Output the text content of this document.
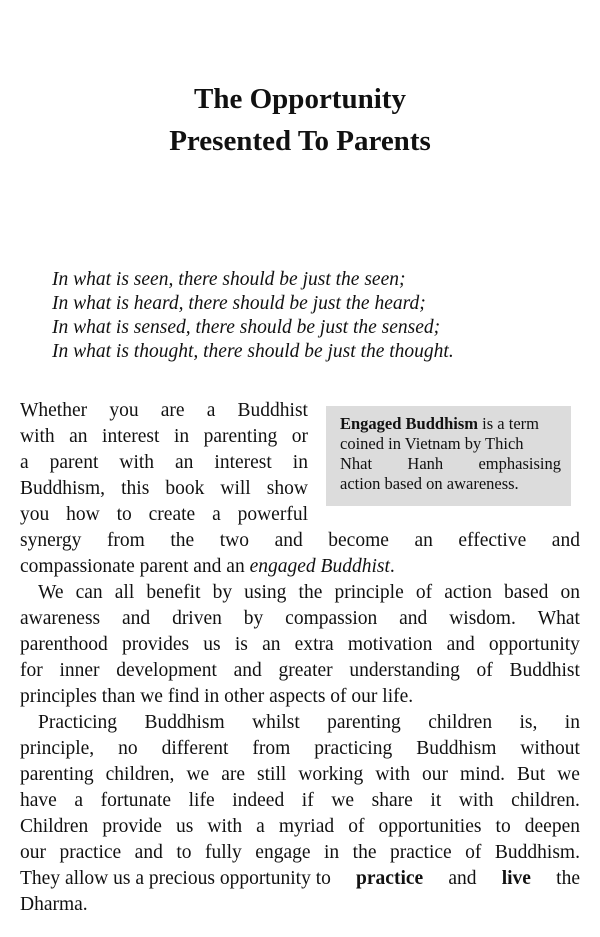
The Opportunity
Presented To Parents
In what is seen, there should be just the seen;
In what is heard, there should be just the heard;
In what is sensed, there should be just the sensed;
In what is thought, there should be just the thought.
Engaged Buddhism
is a term
coined in Vietnam by Thich
Nhat Hanh emphasising
action based on awareness.
Whether you are a Buddhist
with an interest in parenting or
a parent with an interest in
Buddhism, this book will show
you how to create a powerful
synergy from the two and become an effective and
compassionate parent and an
engaged Buddhist .
We can all benefit by using the principle of action based on
awareness and driven by compassion and wisdom. What
parenthood provides us is an extra motivation and opportunity
for inner development and greater understanding of Buddhist
principles than we find in other aspects of our life.
Practicing Buddhism whilst parenting children is, in
principle, no different from practicing Buddhism without
parenting children, we are still working with our mind. But we
have a fortunate life indeed if we share it with children.
Children provide us with a myriad of opportunities to deepen
our practice and to fully engage in the practice of Buddhism.
They allow us a precious opportunity to practice and live the
Dharma.
